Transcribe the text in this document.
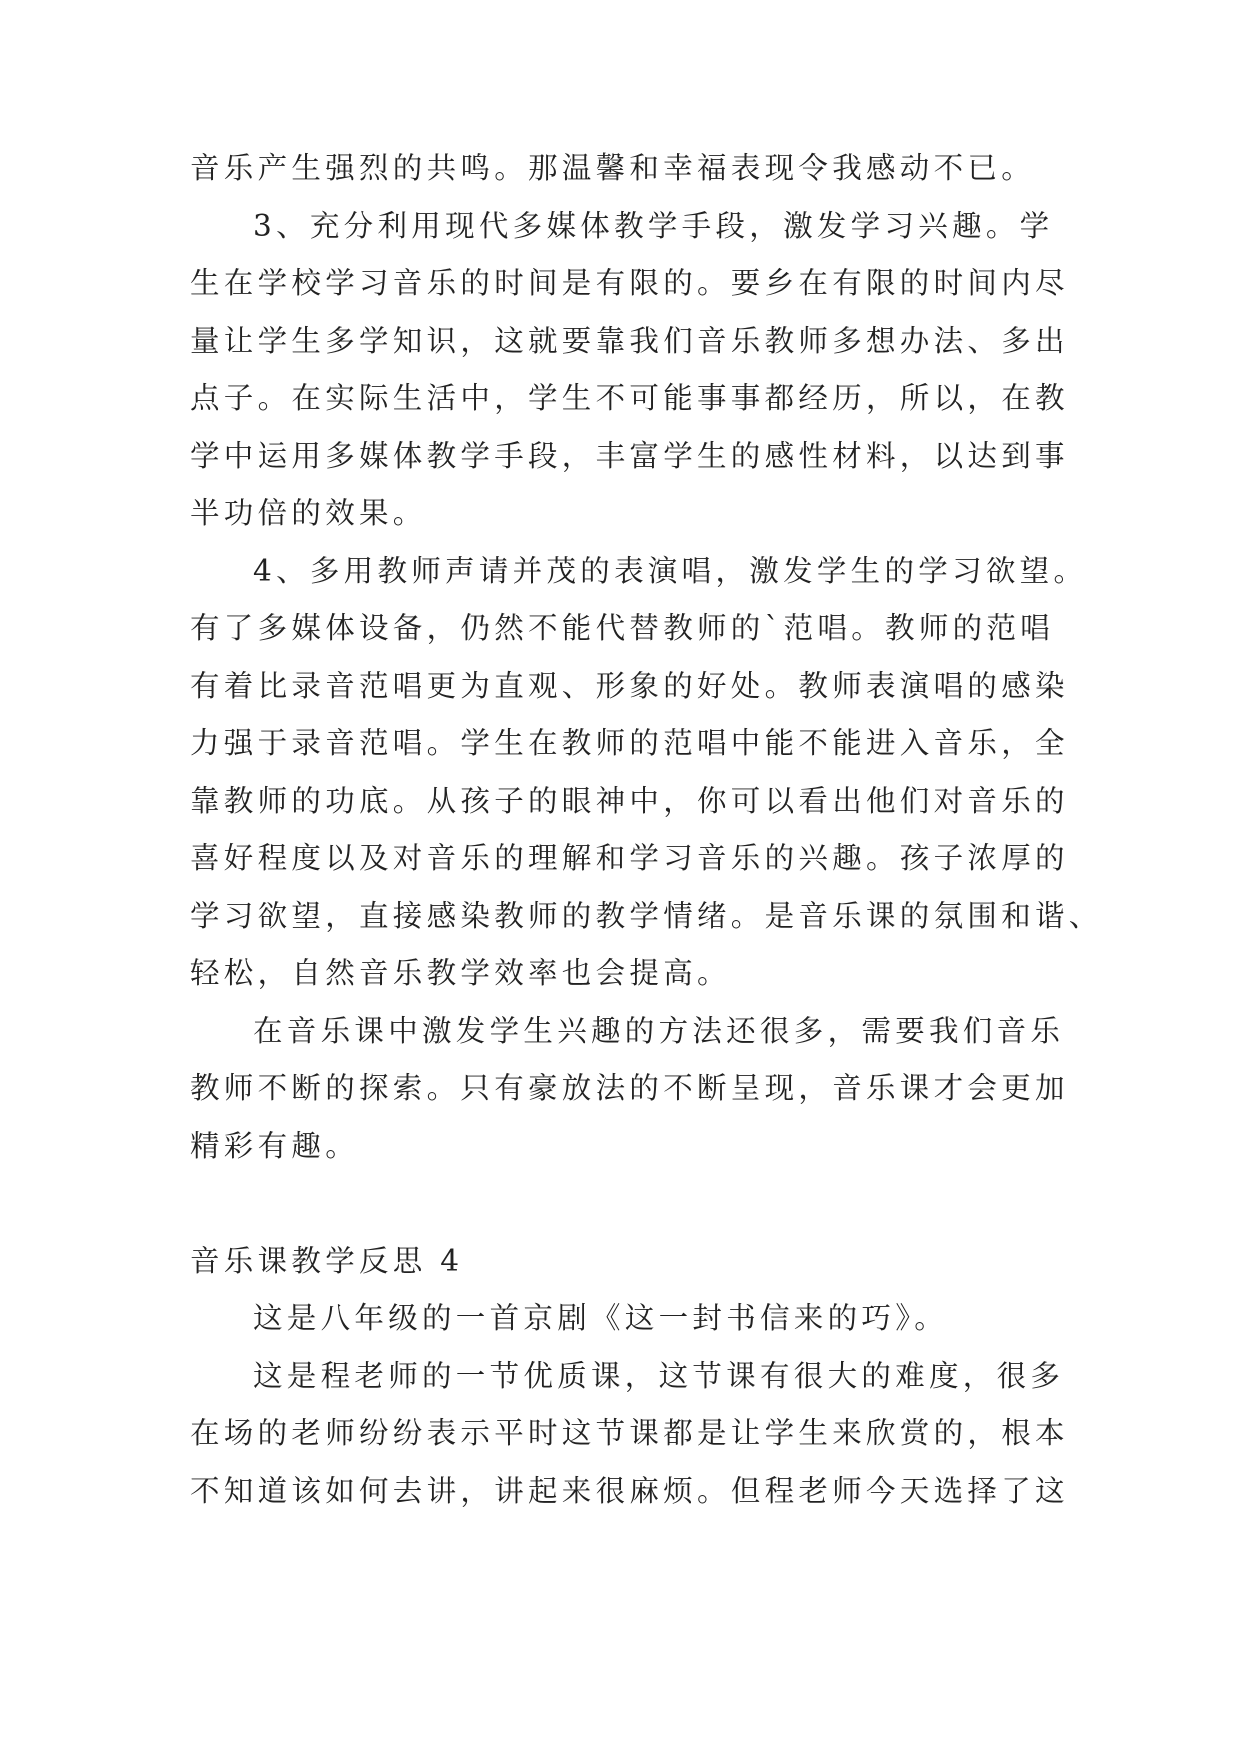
音乐产生强烈的共鸣。那温馨和幸福表现令我感动不已。

3、充分利用现代多媒体教学手段，激发学习兴趣。学

生在学校学习音乐的时间是有限的。要乡在有限的时间内尽

量让学生多学知识，这就要靠我们音乐教师多想办法、多出

点子。在实际生活中，学生不可能事事都经历，所以，在教

学中运用多媒体教学手段，丰富学生的感性材料，以达到事

半功倍的效果。

4、多用教师声请并茂的表演唱，激发学生的学习欲望。

有了多媒体设备，仍然不能代替教师的`范唱。教师的范唱

有着比录音范唱更为直观、形象的好处。教师表演唱的感染

力强于录音范唱。学生在教师的范唱中能不能进入音乐，全

靠教师的功底。从孩子的眼神中，你可以看出他们对音乐的

喜好程度以及对音乐的理解和学习音乐的兴趣。孩子浓厚的

学习欲望，直接感染教师的教学情绪。是音乐课的氛围和谐、

轻松，自然音乐教学效率也会提高。

在音乐课中激发学生兴趣的方法还很多，需要我们音乐

教师不断的探索。只有豪放法的不断呈现，音乐课才会更加

精彩有趣。

音乐课教学反思 4

这是八年级的一首京剧《这一封书信来的巧》。

这是程老师的一节优质课，这节课有很大的难度，很多

在场的老师纷纷表示平时这节课都是让学生来欣赏的，根本

不知道该如何去讲，讲起来很麻烦。但程老师今天选择了这
